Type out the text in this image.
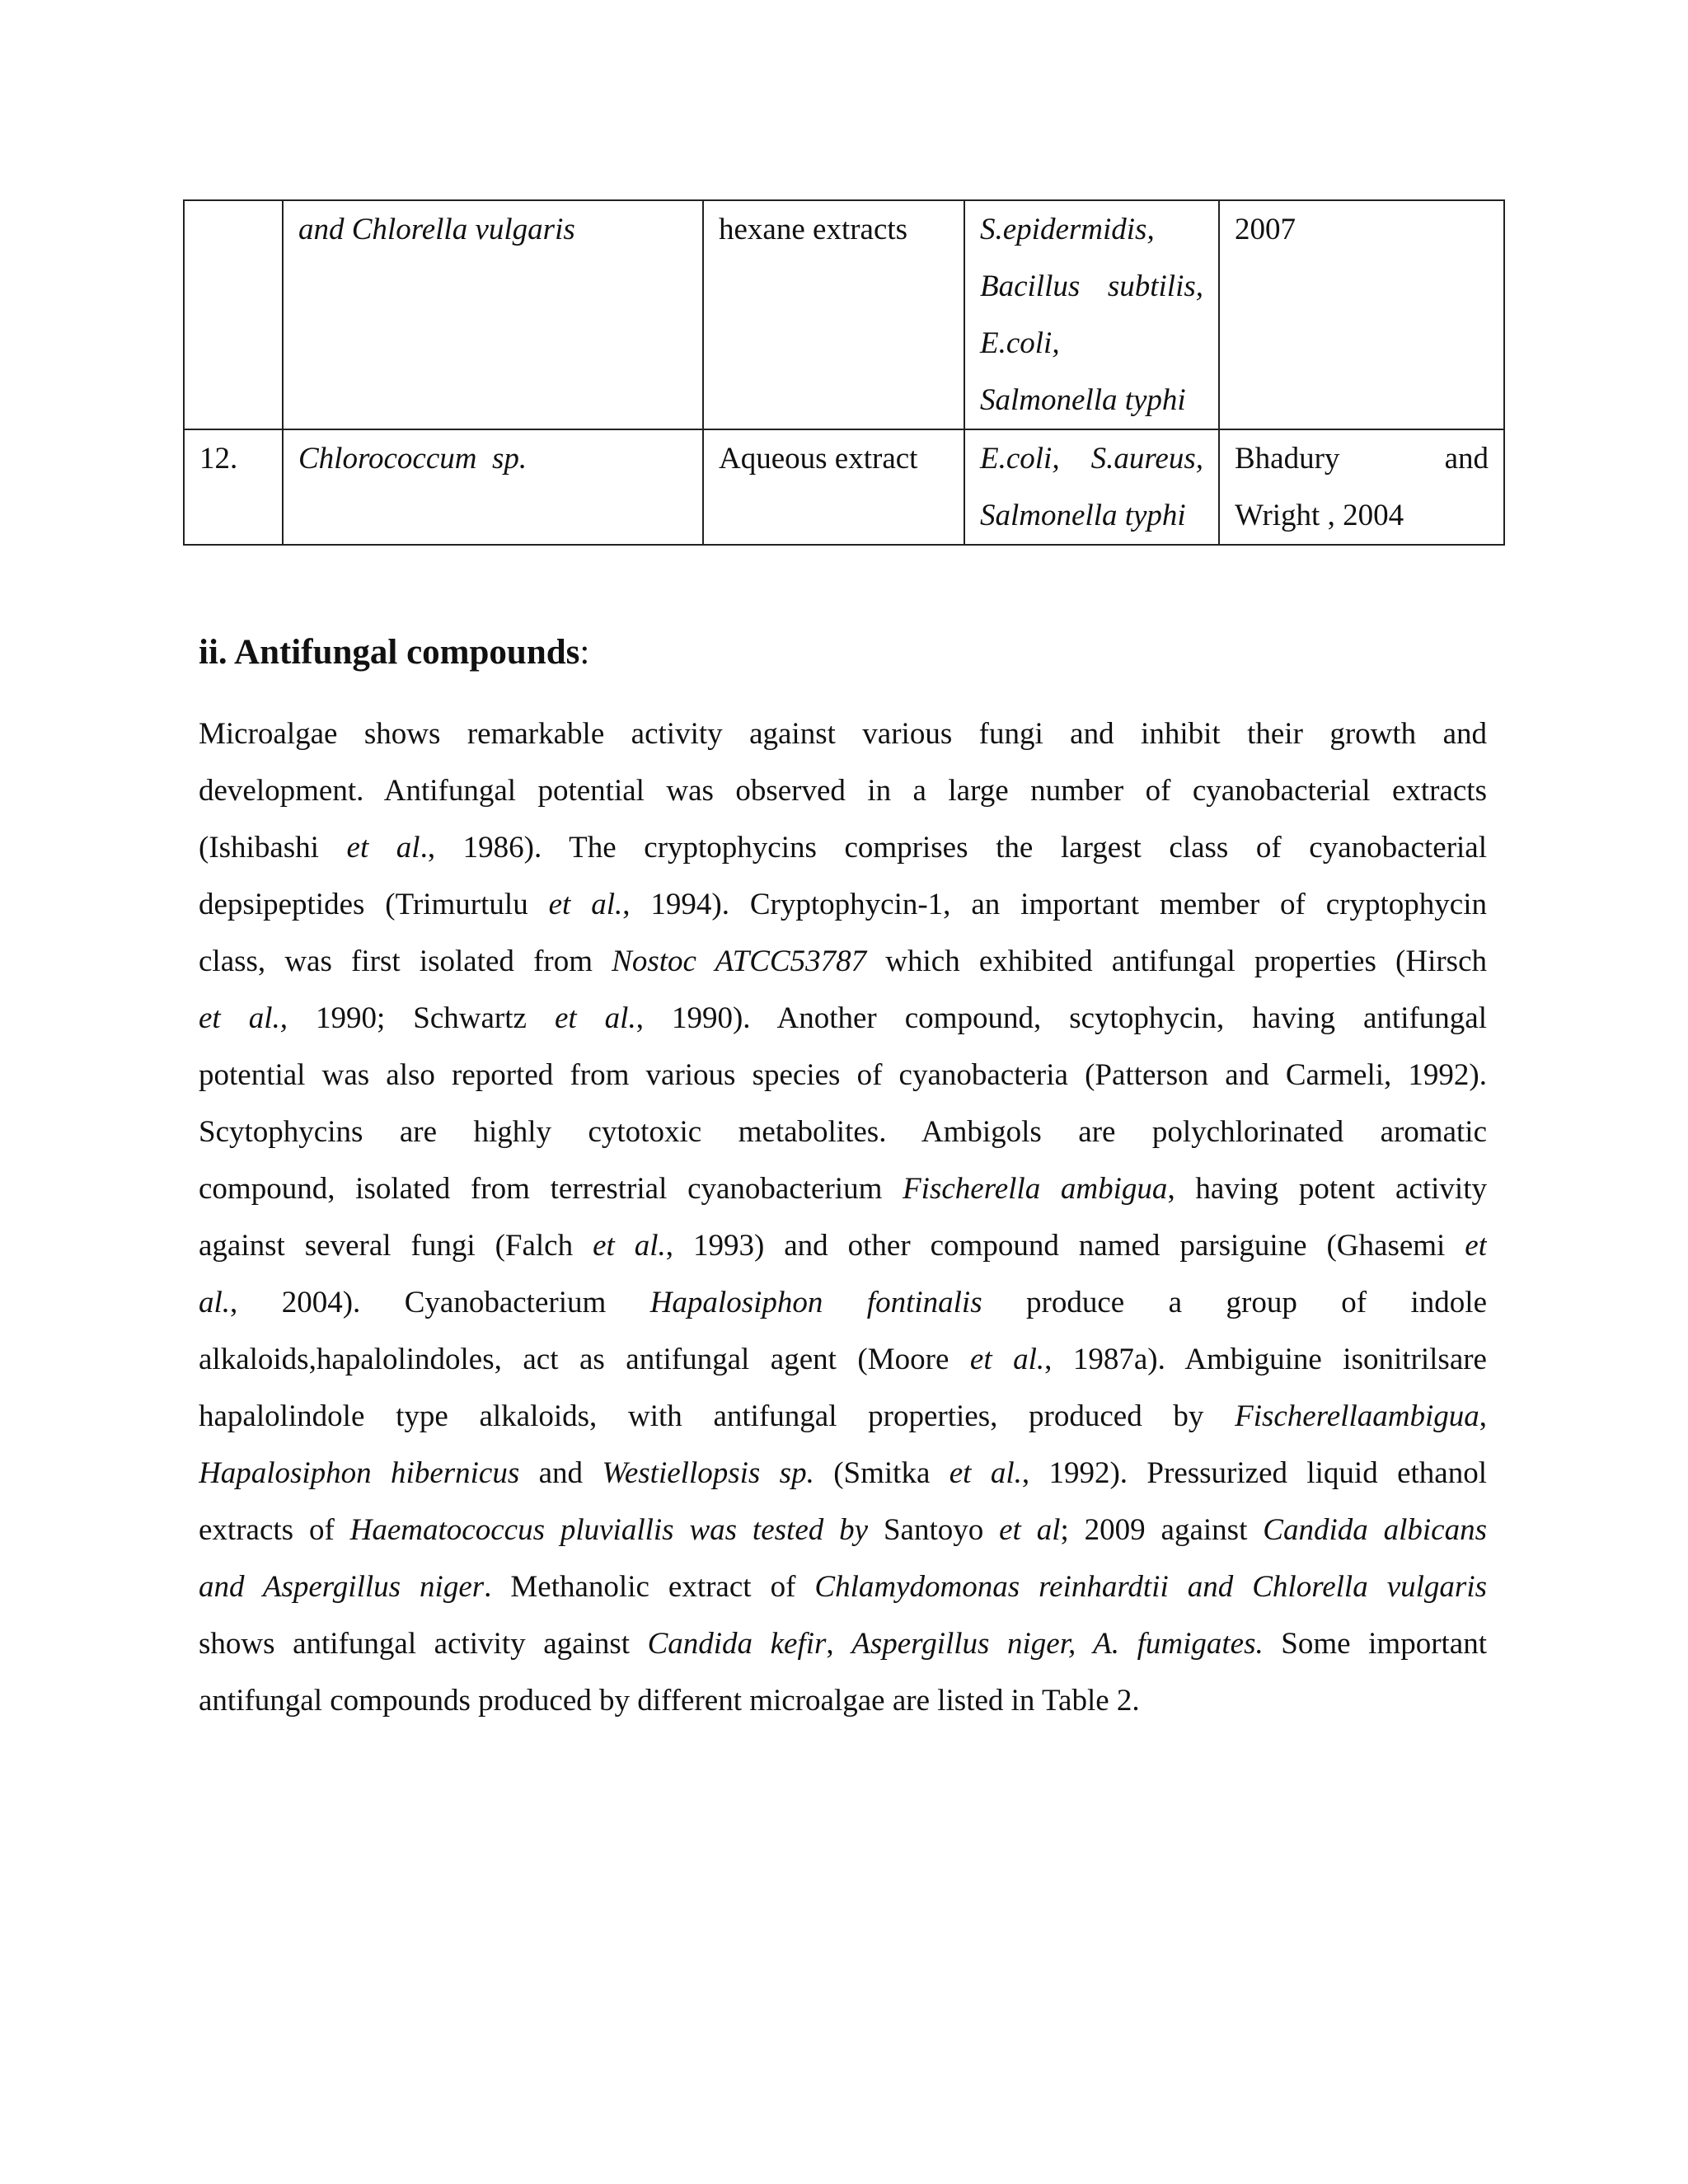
	and Chlorella vulgaris	hexane extracts	S.epidermidis,
Bacillus subtilis,
E.coli,
Salmonella typhi	2007

12.	Chlorococcum  sp.	Aqueous extract	E.coli, S.aureus,
Salmonella typhi	Bhadury and
Wright , 2004
ii. Antifungal compounds:
Microalgae shows remarkable activity against various fungi and inhibit their growth and
development. Antifungal potential was observed in a large number of cyanobacterial extracts
(Ishibashi et al., 1986). The cryptophycins comprises the largest class of cyanobacterial
depsipeptides (Trimurtulu et al., 1994). Cryptophycin-1, an important member of cryptophycin
class, was first isolated from Nostoc ATCC53787 which exhibited antifungal properties (Hirsch
et al., 1990; Schwartz et al., 1990). Another compound, scytophycin, having antifungal
potential was also reported from various species of cyanobacteria (Patterson and Carmeli, 1992).
Scytophycins are highly cytotoxic metabolites. Ambigols are polychlorinated aromatic
compound, isolated from terrestrial cyanobacterium Fischerella ambigua, having potent activity
against several fungi (Falch et al., 1993) and other compound named parsiguine (Ghasemi et
al., 2004). Cyanobacterium Hapalosiphon fontinalis produce a group of indole
alkaloids,hapalolindoles, act as antifungal agent (Moore et al., 1987a). Ambiguine isonitrilsare
hapalolindole type alkaloids, with antifungal properties, produced by Fischerellaambigua,
Hapalosiphon hibernicus and Westiellopsis sp. (Smitka et al., 1992). Pressurized liquid ethanol
extracts of Haematococcus pluviallis was tested by Santoyo et al; 2009 against Candida albicans
and Aspergillus niger. Methanolic extract of Chlamydomonas reinhardtii and Chlorella vulgaris
shows antifungal activity against Candida kefir, Aspergillus niger, A. fumigates. Some important
antifungal compounds produced by different microalgae are listed in Table 2.
